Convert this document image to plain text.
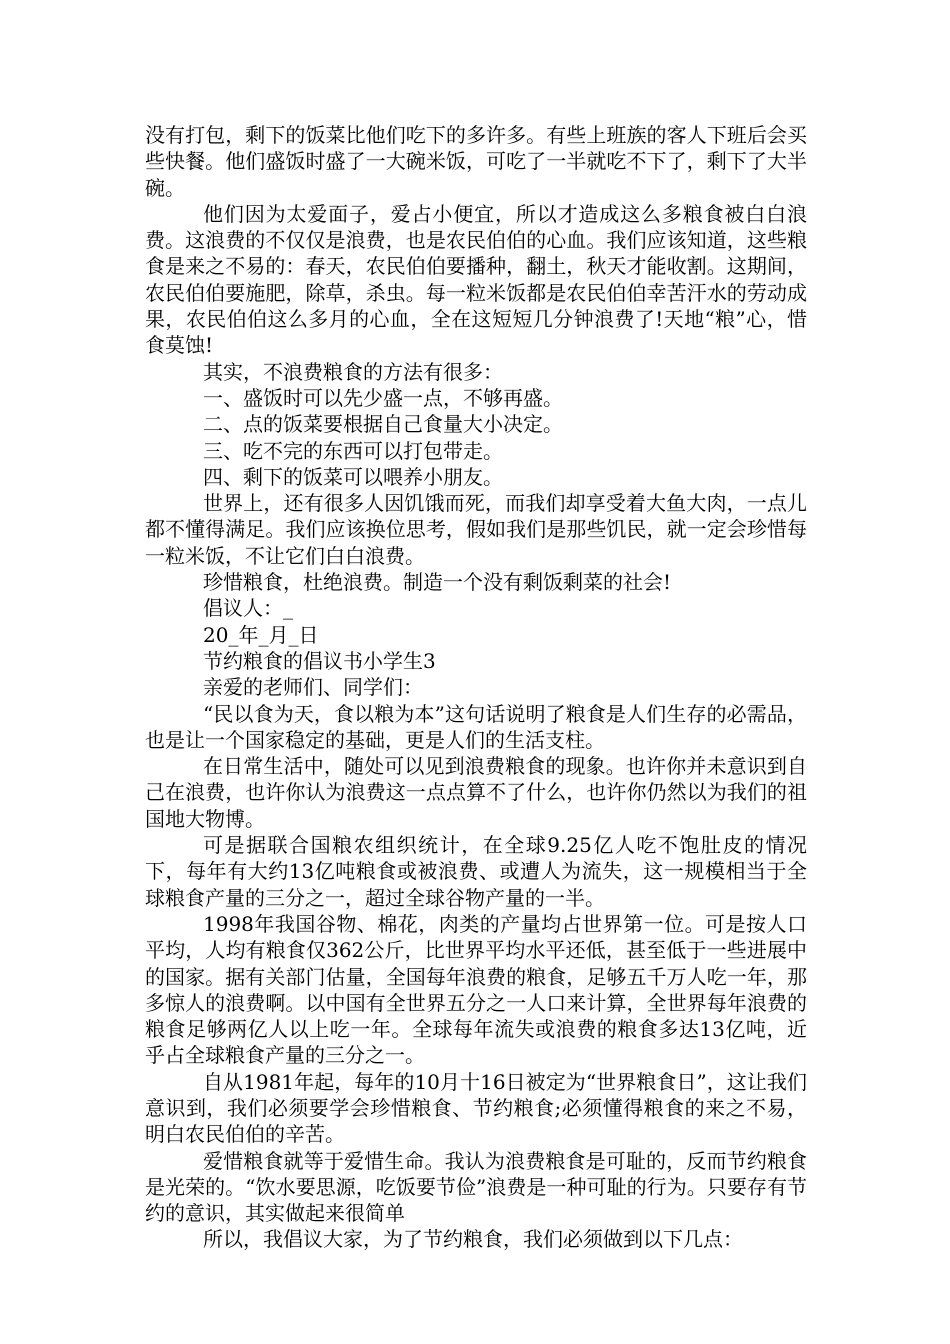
没有打包，剩下的饭菜比他们吃下的多许多。有些上班族的客人下班后会买些快餐。他们盛饭时盛了一大碗米饭，可吃了一半就吃不下了，剩下了大半碗。

他们因为太爱面子，爱占小便宜，所以才造成这么多粮食被白白浪费。这浪费的不仅仅是浪费，也是农民伯伯的心血。我们应该知道，这些粮食是来之不易的：春天，农民伯伯要播种，翻土，秋天才能收割。这期间，农民伯伯要施肥，除草，杀虫。每一粒米饭都是农民伯伯幸苦汗水的劳动成果，农民伯伯这么多月的心血，全在这短短几分钟浪费了!天地“粮”心，惜食莫蚀!

其实，不浪费粮食的方法有很多：

一、盛饭时可以先少盛一点，不够再盛。

二、点的饭菜要根据自己食量大小决定。

三、吃不完的东西可以打包带走。

四、剩下的饭菜可以喂养小朋友。

世界上，还有很多人因饥饿而死，而我们却享受着大鱼大肉，一点儿都不懂得满足。我们应该换位思考，假如我们是那些饥民，就一定会珍惜每一粒米饭，不让它们白白浪费。

珍惜粮食，杜绝浪费。制造一个没有剩饭剩菜的社会!

倡议人：_

20_年_月_日

节约粮食的倡议书小学生3

亲爱的老师们、同学们：

“民以食为天，食以粮为本”这句话说明了粮食是人们生存的必需品，也是让一个国家稳定的基础，更是人们的生活支柱。

在日常生活中，随处可以见到浪费粮食的现象。也许你并未意识到自己在浪费，也许你认为浪费这一点点算不了什么，也许你仍然以为我们的祖国地大物博。

可是据联合国粮农组织统计，在全球9.25亿人吃不饱肚皮的情况下，每年有大约13亿吨粮食或被浪费、或遭人为流失，这一规模相当于全球粮食产量的三分之一，超过全球谷物产量的一半。

1998年我国谷物、棉花，肉类的产量均占世界第一位。可是按人口平均，人均有粮食仅362公斤，比世界平均水平还低，甚至低于一些进展中的国家。据有关部门估量，全国每年浪费的粮食，足够五千万人吃一年，那多惊人的浪费啊。以中国有全世界五分之一人口来计算，全世界每年浪费的粮食足够两亿人以上吃一年。全球每年流失或浪费的粮食多达13亿吨，近乎占全球粮食产量的三分之一。

自从1981年起，每年的10月十16日被定为“世界粮食日”，这让我们意识到，我们必须要学会珍惜粮食、节约粮食;必须懂得粮食的来之不易，明白农民伯伯的辛苦。

爱惜粮食就等于爱惜生命。我认为浪费粮食是可耻的，反而节约粮食是光荣的。“饮水要思源，吃饭要节俭”浪费是一种可耻的行为。只要存有节约的意识，其实做起来很简单

所以，我倡议大家，为了节约粮食，我们必须做到以下几点：
